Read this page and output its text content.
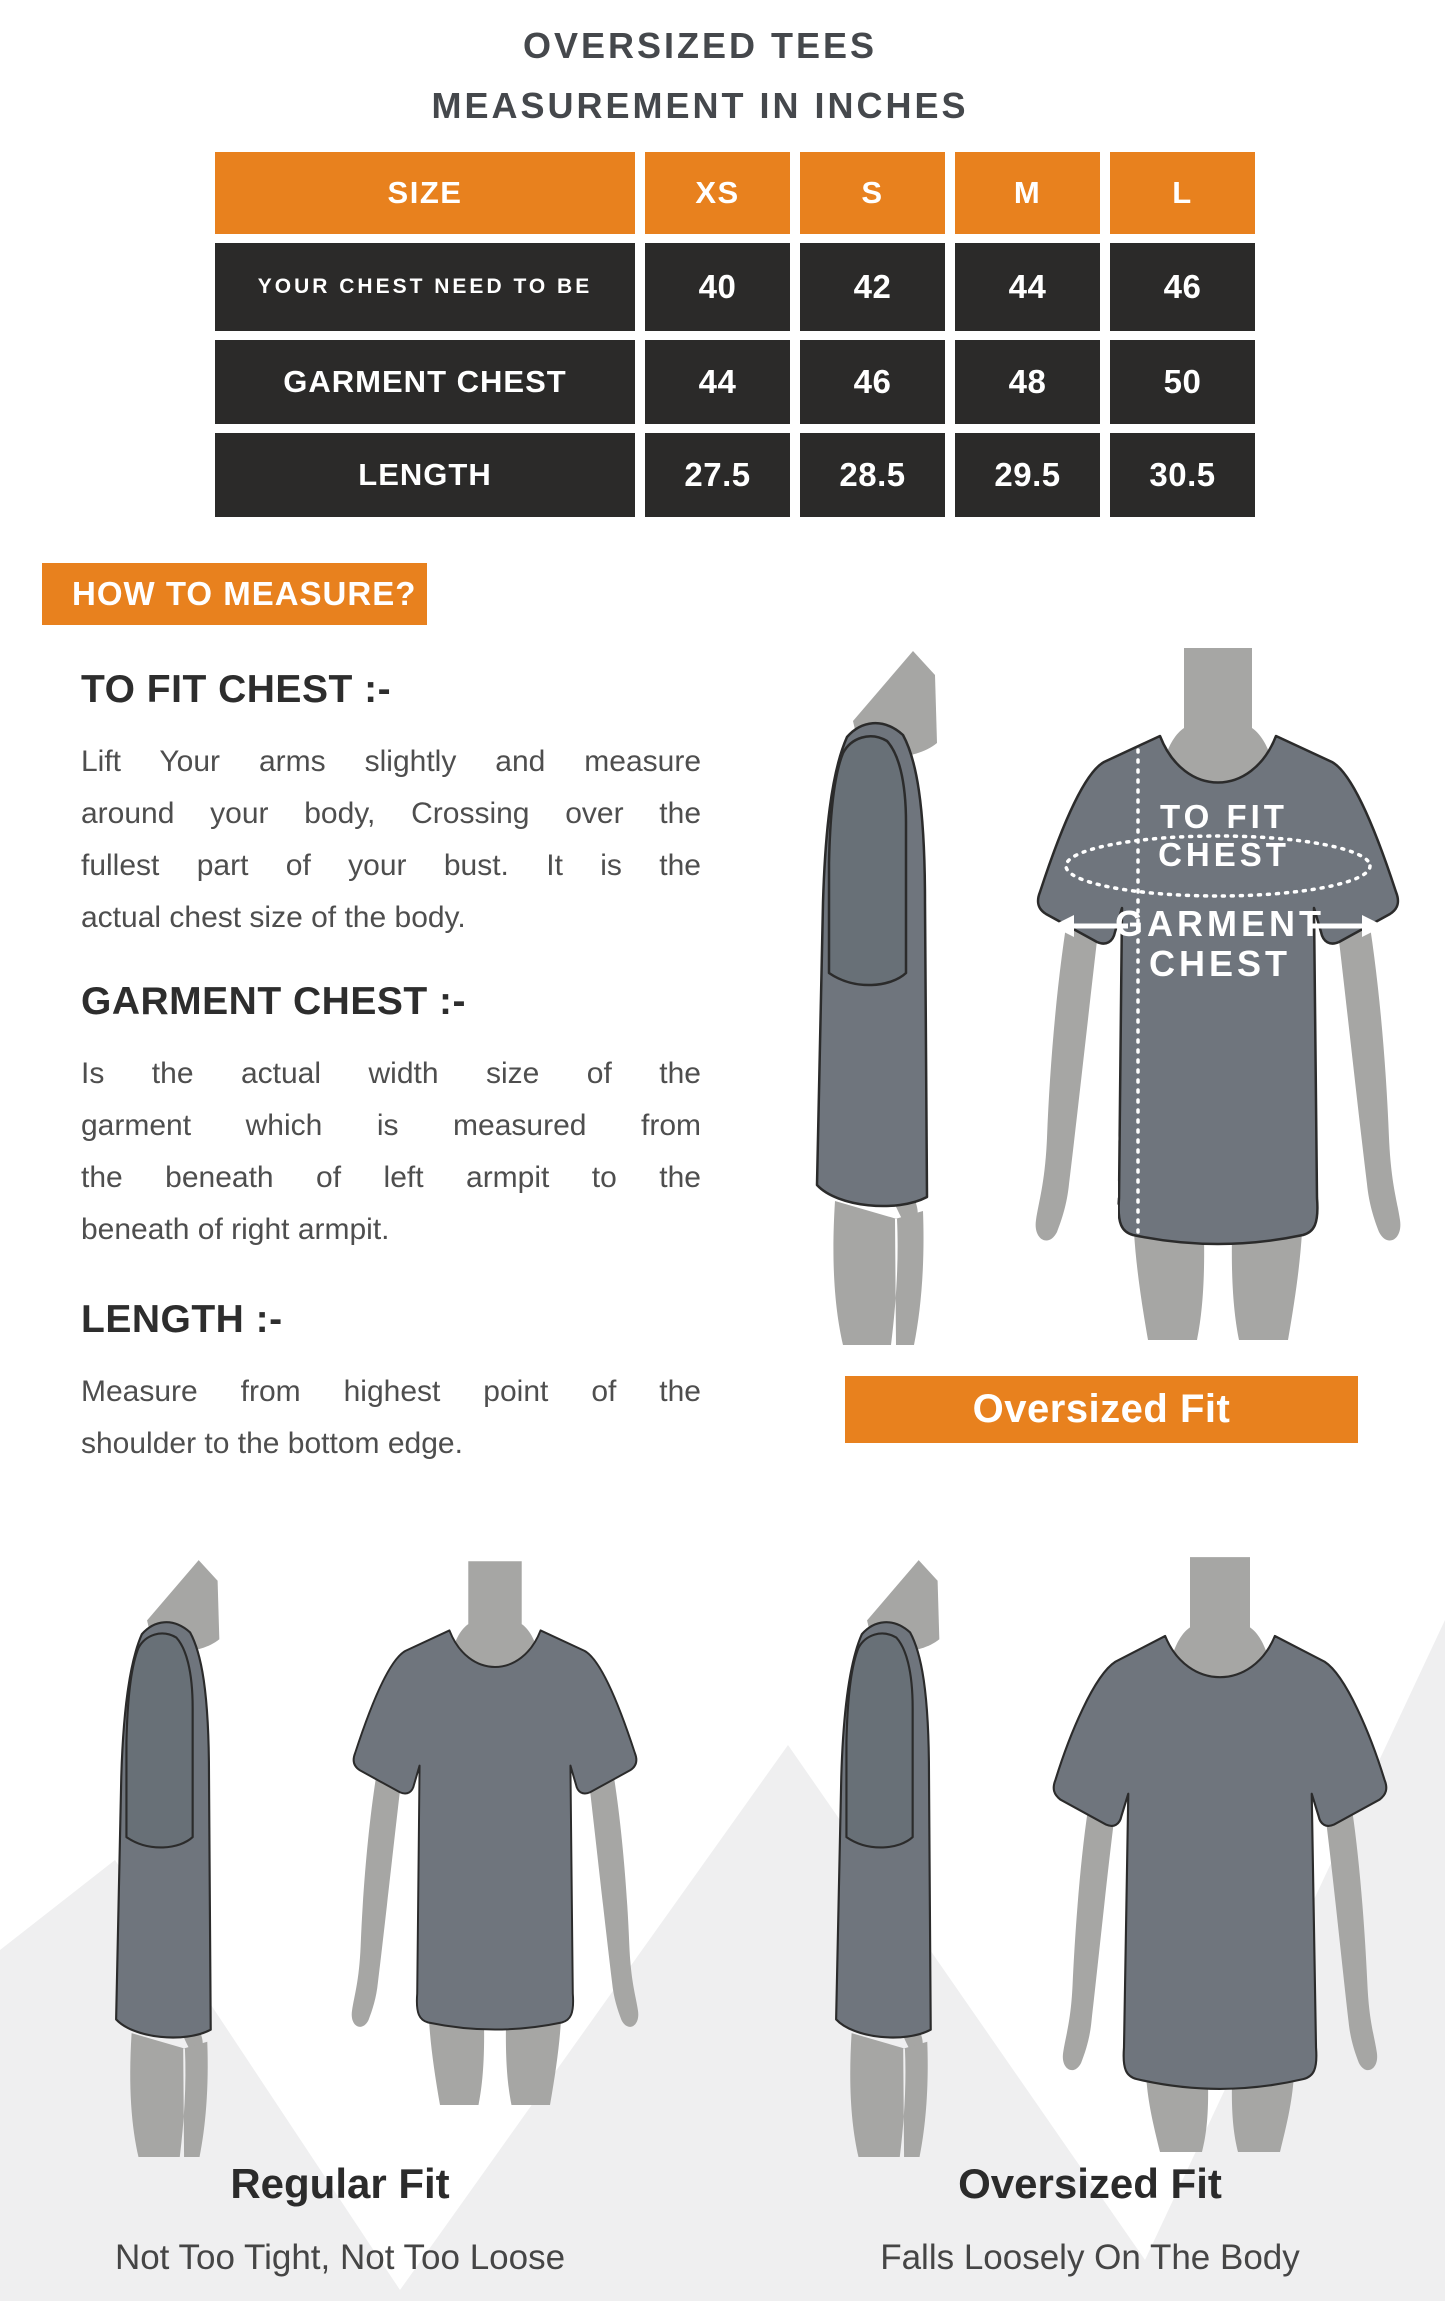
OVERSIZED TEES
MEASUREMENT IN INCHES
SIZE	XS	S	M	L
YOUR CHEST NEED TO BE	40	42	44	46
GARMENT CHEST	44	46	48	50
LENGTH	27.5	28.5	29.5	30.5
HOW TO MEASURE?
TO FIT CHEST :-
Lift Your arms slightly and measure
around your body, Crossing over the
fullest part of your bust. It is the
actual chest size of the body.
GARMENT CHEST :-
Is the actual width size of the
garment which is measured from
the beneath of left armpit to the
beneath of right armpit.
LENGTH :-
Measure from highest point of the
shoulder to the bottom edge.
TO FIT
CHEST
GARMENT
CHEST
LENGTH
Oversized Fit
Regular Fit
Not Too Tight, Not Too Loose
Oversized Fit
Falls Loosely On The Body
